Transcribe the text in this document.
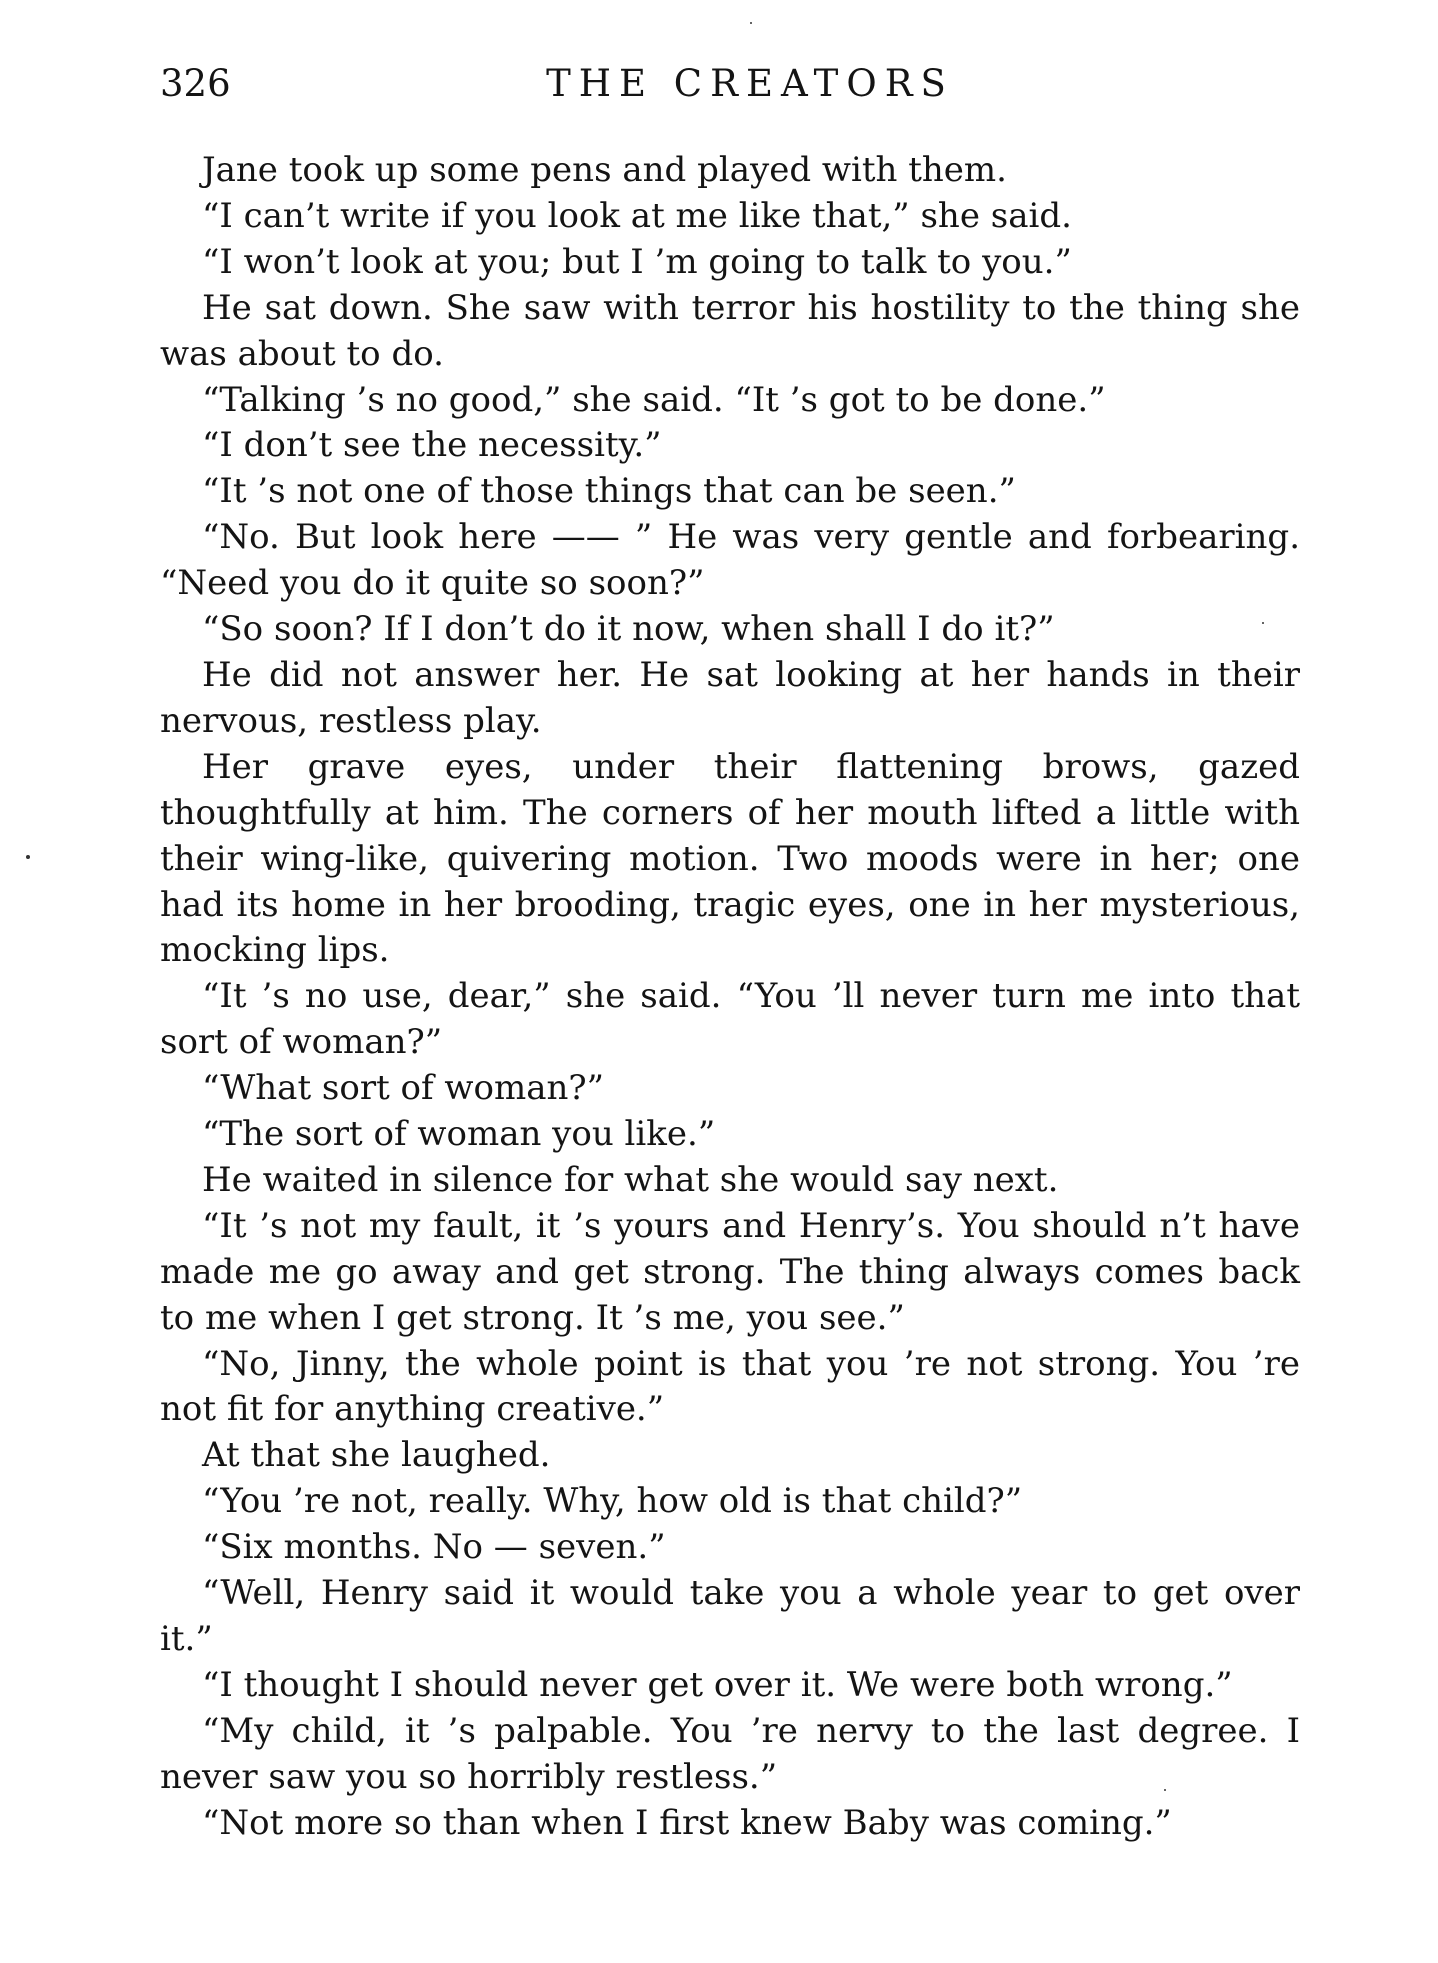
326	THE CREATORS

Jane took up some pens and played with them.

“I can’t write if you look at me like that,” she said.

“I won’t look at you; but I ’m going to talk to you.”

He sat down. She saw with terror his hostility to the thing she was about to do.

“Talking ’s no good,” she said. “It ’s got to be done.”

“I don’t see the necessity.”

“It ’s not one of those things that can be seen.”

“No. But look here —— ” He was very gentle and forbearing. “Need you do it quite so soon?”

“So soon? If I don’t do it now, when shall I do it?”

He did not answer her. He sat looking at her hands in their nervous, restless play.

Her grave eyes, under their flattening brows, gazed thoughtfully at him. The corners of her mouth lifted a little with their wing-like, quivering motion. Two moods were in her; one had its home in her brooding, tragic eyes, one in her mysterious, mocking lips.

“It ’s no use, dear,” she said. “You ’ll never turn me into that sort of woman?”

“What sort of woman?”

“The sort of woman you like.”

He waited in silence for what she would say next.

“It ’s not my fault, it ’s yours and Henry’s. You should n’t have made me go away and get strong. The thing always comes back to me when I get strong. It ’s me, you see.”

“No, Jinny, the whole point is that you ’re not strong. You ’re not fit for anything creative.”

At that she laughed.

“You ’re not, really. Why, how old is that child?”

“Six months. No — seven.”

“Well, Henry said it would take you a whole year to get over it.”

“I thought I should never get over it. We were both wrong.”

“My child, it ’s palpable. You ’re nervy to the last degree. I never saw you so horribly restless.”

“Not more so than when I first knew Baby was coming.”
